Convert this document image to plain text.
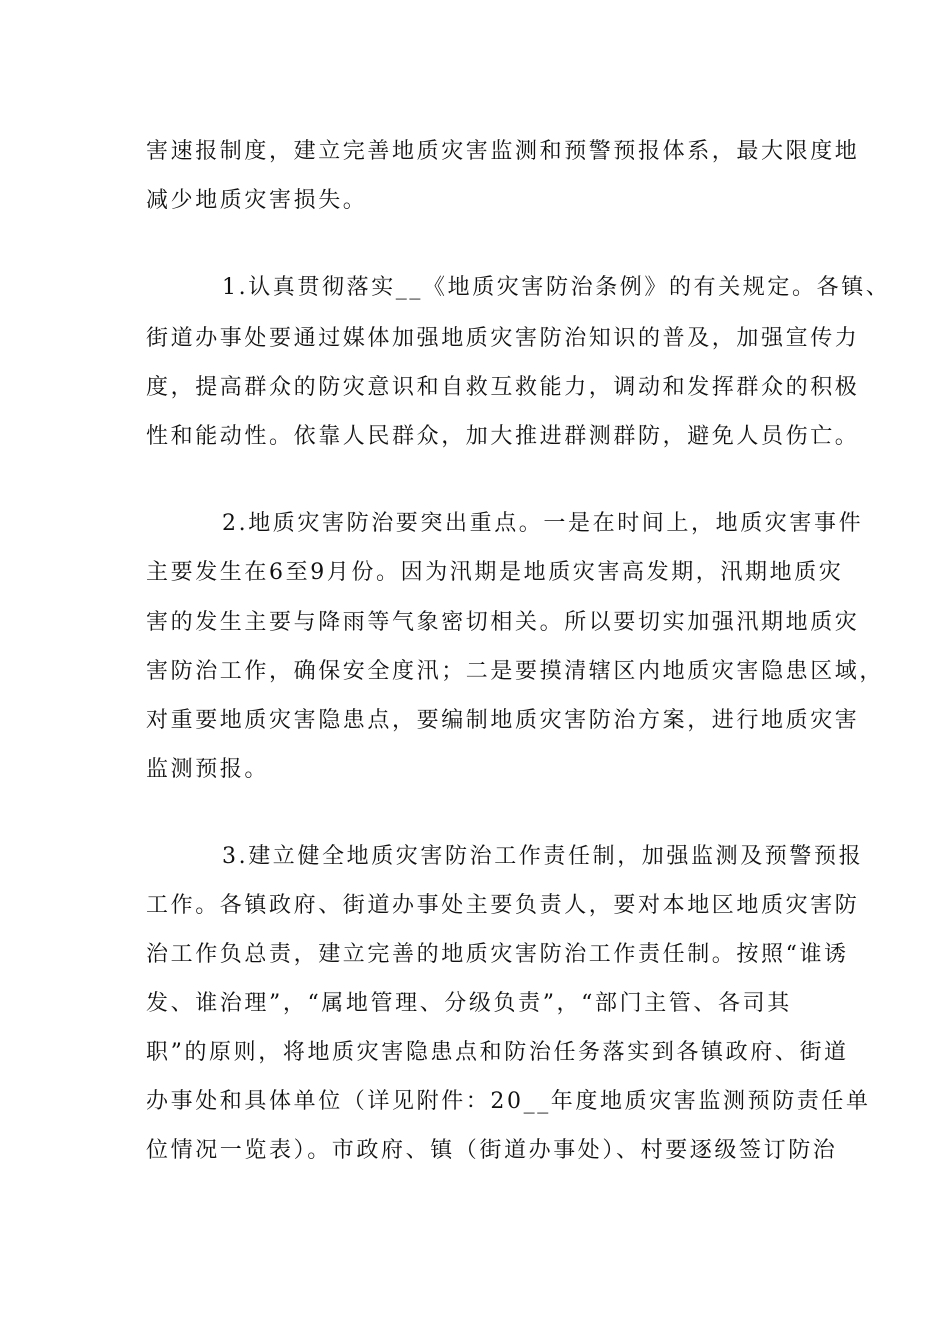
害速报制度，建立完善地质灾害监测和预警预报体系，最大限度地
减少地质灾害损失。
1.认真贯彻落实__《地质灾害防治条例》的有关规定。各镇、
街道办事处要通过媒体加强地质灾害防治知识的普及，加强宣传力
度，提高群众的防灾意识和自救互救能力，调动和发挥群众的积极
性和能动性。依靠人民群众，加大推进群测群防，避免人员伤亡。
2.地质灾害防治要突出重点。一是在时间上，地质灾害事件
主要发生在6至9月份。因为汛期是地质灾害高发期，汛期地质灾
害的发生主要与降雨等气象密切相关。所以要切实加强汛期地质灾
害防治工作，确保安全度汛；二是要摸清辖区内地质灾害隐患区域，
对重要地质灾害隐患点，要编制地质灾害防治方案，进行地质灾害
监测预报。
3.建立健全地质灾害防治工作责任制，加强监测及预警预报
工作。各镇政府、街道办事处主要负责人，要对本地区地质灾害防
治工作负总责，建立完善的地质灾害防治工作责任制。按照“谁诱
发、谁治理”，“属地管理、分级负责”，“部门主管、各司其
职”的原则，将地质灾害隐患点和防治任务落实到各镇政府、街道
办事处和具体单位（详见附件：20__年度地质灾害监测预防责任单
位情况一览表）。市政府、镇（街道办事处）、村要逐级签订防治
